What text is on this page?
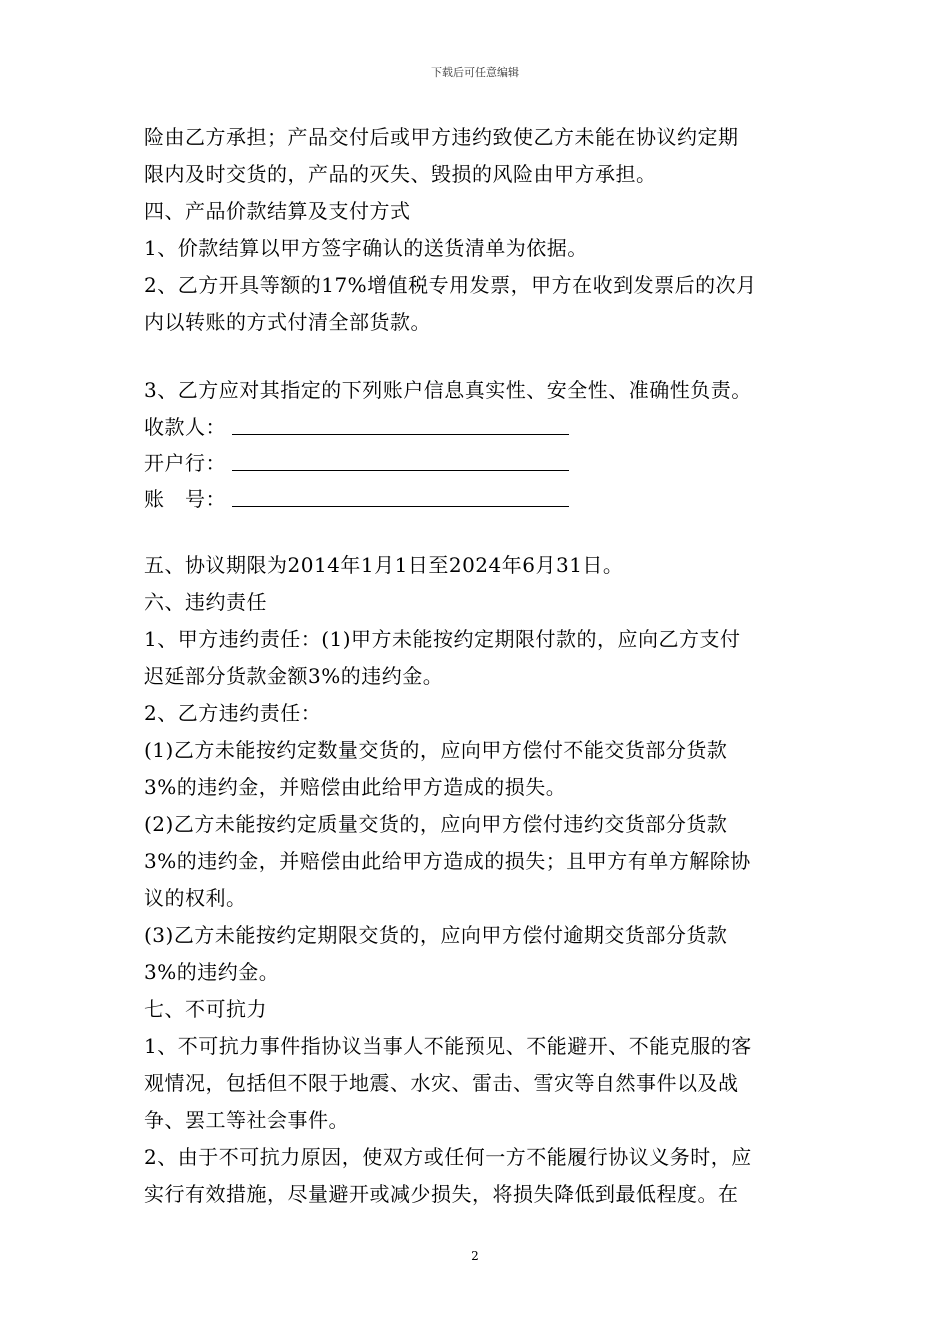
下载后可任意编辑
险由乙方承担；产品交付后或甲方违约致使乙方未能在协议约定期
限内及时交货的，产品的灭失、毁损的风险由甲方承担。
四、产品价款结算及支付方式
1、价款结算以甲方签字确认的送货清单为依据。
2、乙方开具等额的17%增值税专用发票，甲方在收到发票后的次月
内以转账的方式付清全部货款。
3、乙方应对其指定的下列账户信息真实性、安全性、准确性负责。
收款人：
开户行：
账　号：
五、协议期限为2014年1月1日至2024年6月31日。
六、违约责任
1、甲方违约责任：(1)甲方未能按约定期限付款的，应向乙方支付
迟延部分货款金额3%的违约金。
2、乙方违约责任：
(1)乙方未能按约定数量交货的，应向甲方偿付不能交货部分货款
3%的违约金，并赔偿由此给甲方造成的损失。
(2)乙方未能按约定质量交货的，应向甲方偿付违约交货部分货款
3%的违约金，并赔偿由此给甲方造成的损失；且甲方有单方解除协
议的权利。
(3)乙方未能按约定期限交货的，应向甲方偿付逾期交货部分货款
3%的违约金。
七、不可抗力
1、不可抗力事件指协议当事人不能预见、不能避开、不能克服的客
观情况，包括但不限于地震、水灾、雷击、雪灾等自然事件以及战
争、罢工等社会事件。
2、由于不可抗力原因，使双方或任何一方不能履行协议义务时，应
实行有效措施，尽量避开或减少损失，将损失降低到最低程度。在
2
